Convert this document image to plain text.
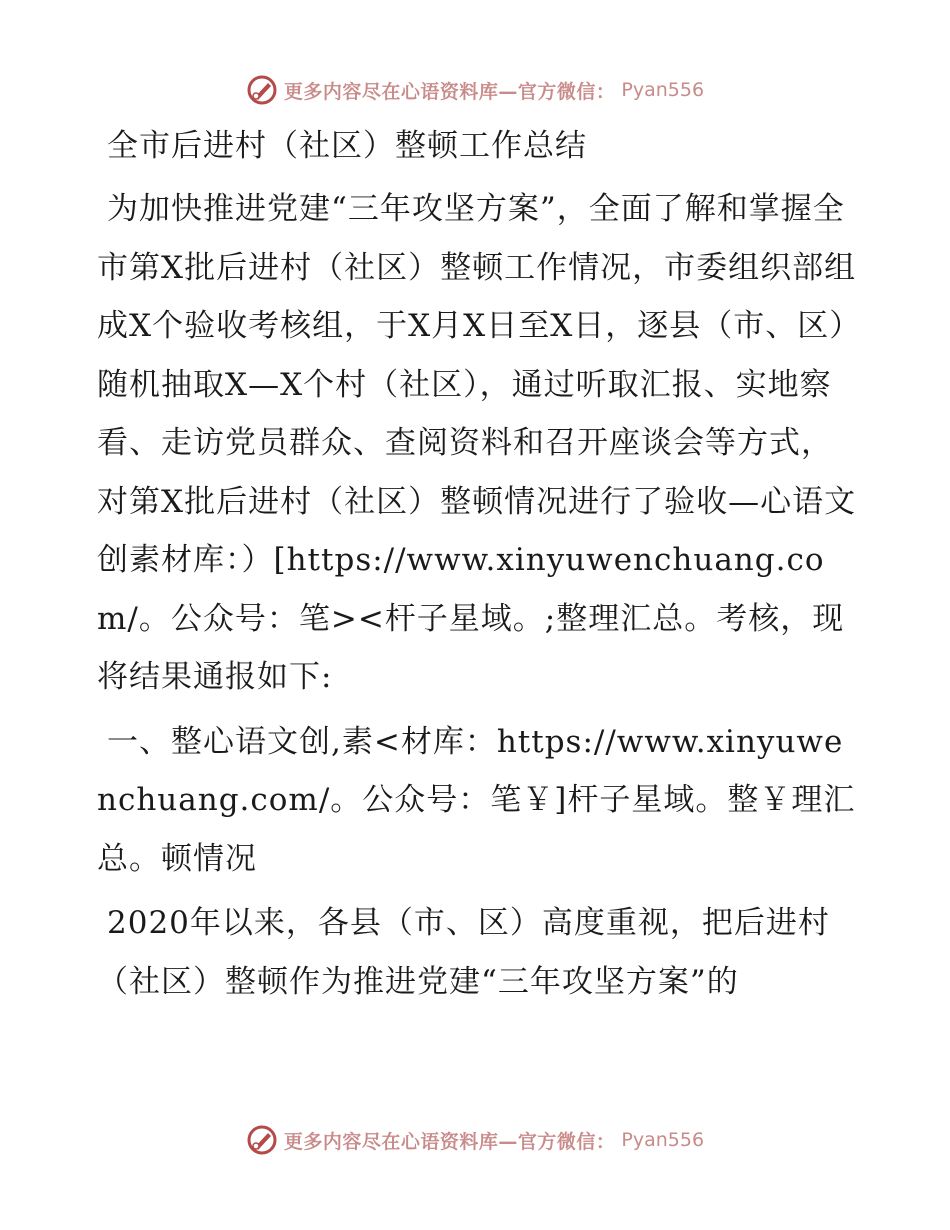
更多内容尽在心语资料库—官方微信： Pyan556
全市后进村（社区）整顿工作总结

为加快推进党建“三年攻坚方案”，全面了解和掌握全市第X批后进村（社区）整顿工作情况，市委组织部组成X个验收考核组，于X月X日至X日，逐县（市、区）随机抽取X—X个村（社区），通过听取汇报、实地察看、走访党员群众、查阅资料和召开座谈会等方式，对第X批后进村（社区）整顿情况进行了验收—心语文创素材库：）[https://www.xinyuwenchuang.com/。公众号：笔><杆子星域。;整理汇总。考核，现将结果通报如下:

一、整心语文创,素<材库：https://www.xinyuwenchuang.com/。公众号：笔￥]杆子星域。整￥理汇总。顿情况

2020年以来，各县（市、区）高度重视，把后进村（社区）整顿作为推进党建“三年攻坚方案”的

更多内容尽在心语资料库—官方微信： Pyan556
